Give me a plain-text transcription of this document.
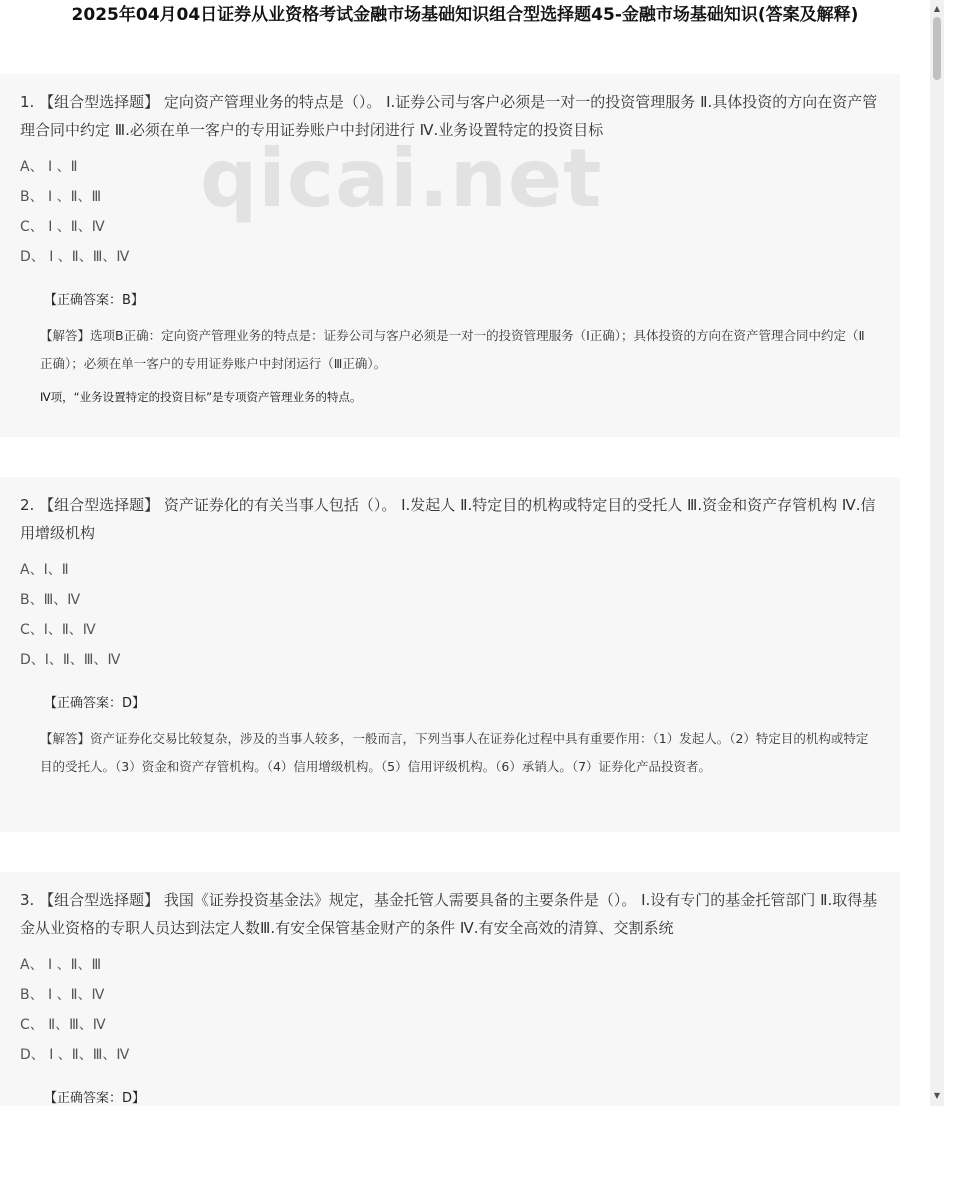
2025年04月04日证券从业资格考试金融市场基础知识组合型选择题45-金融市场基础知识(答案及解释)

1. 【组合型选择题】 定向资产管理业务的特点是（）。 Ⅰ.证券公司与客户必须是一对一的投资管理服务 Ⅱ.具体投资的方向在资产管理合同中约定 Ⅲ.必须在单一客户的专用证券账户中封闭进行 Ⅳ.业务设置特定的投资目标

A、 Ⅰ 、Ⅱ
B、 Ⅰ 、Ⅱ、Ⅲ
C、 Ⅰ 、Ⅱ、Ⅳ
D、 Ⅰ 、Ⅱ、Ⅲ、Ⅳ
【正确答案：B】
【解答】选项B正确：定向资产管理业务的特点是：证券公司与客户必须是一对一的投资管理服务（Ⅰ正确）；具体投资的方向在资产管理合同中约定（Ⅱ正确）；必须在单一客户的专用证券账户中封闭运行（Ⅲ正确）。
Ⅳ项，“业务设置特定的投资目标”是专项资产管理业务的特点。

2. 【组合型选择题】 资产证券化的有关当事人包括（）。 Ⅰ.发起人 Ⅱ.特定目的机构或特定目的受托人 Ⅲ.资金和资产存管机构 Ⅳ.信用增级机构

A、Ⅰ、Ⅱ
B、Ⅲ、Ⅳ
C、Ⅰ、Ⅱ、Ⅳ
D、Ⅰ、Ⅱ、Ⅲ、Ⅳ
【正确答案：D】
【解答】资产证券化交易比较复杂，涉及的当事人较多，一般而言，下列当事人在证券化过程中具有重要作用：（1）发起人。（2）特定目的机构或特定目的受托人。（3）资金和资产存管机构。（4）信用增级机构。（5）信用评级机构。（6）承销人。（7）证券化产品投资者。

3. 【组合型选择题】 我国《证券投资基金法》规定，基金托管人需要具备的主要条件是（）。 Ⅰ.设有专门的基金托管部门 Ⅱ.取得基金从业资格的专职人员达到法定人数Ⅲ.有安全保管基金财产的条件 Ⅳ.有安全高效的清算、交割系统

A、 Ⅰ 、Ⅱ、Ⅲ
B、 Ⅰ 、Ⅱ、Ⅳ
C、 Ⅱ、Ⅲ、Ⅳ
D、 Ⅰ 、Ⅱ、Ⅲ、Ⅳ
【正确答案：D】
qicai.net
▲
▼
